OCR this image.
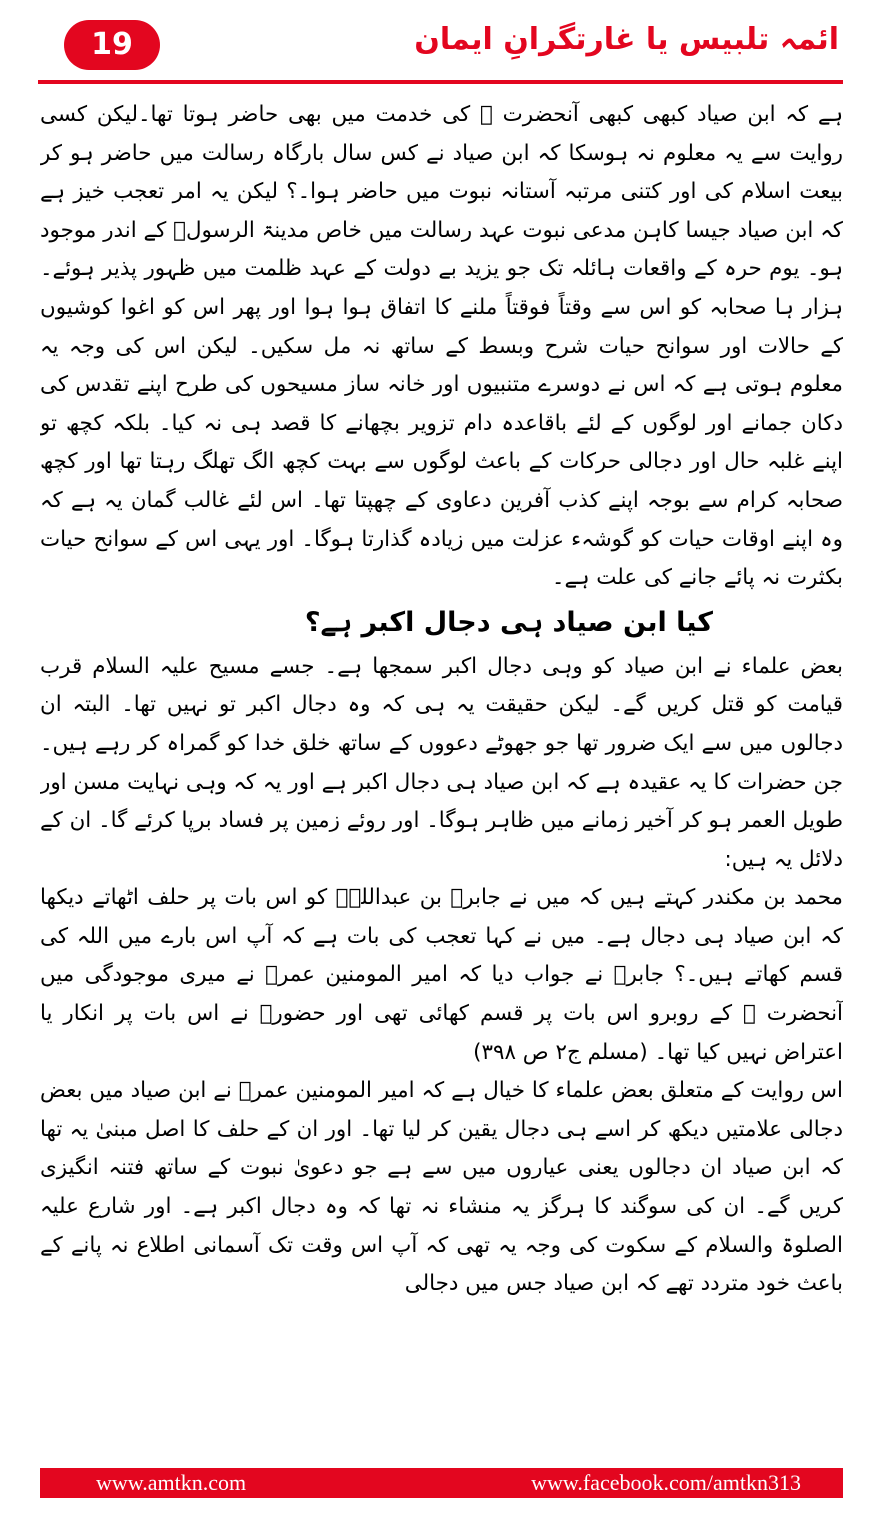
19	ائمہ تلبیس یا غارتگرانِ ایمان

ہے کہ ابن صیاد کبھی کبھی آنحضرت ﷺ کی خدمت میں بھی حاضر ہوتا تھا۔لیکن کسی روایت سے یہ معلوم نہ ہوسکا کہ ابن صیاد نے کس سال بارگاہ رسالت میں حاضر ہو کر بیعت اسلام کی اور کتنی مرتبہ آستانہ نبوت میں حاضر ہوا۔؟ لیکن یہ امر تعجب خیز ہے کہ ابن صیاد جیسا کاہن مدعی نبوت عہد رسالت میں خاص مدینۃ الرسولؐ کے اندر موجود ہو۔ یوم حرہ کے واقعات ہائلہ تک جو یزید بے دولت کے عہد ظلمت میں ظہور پذیر ہوئے۔ ہزار ہا صحابہ کو اس سے وقتاً فوقتاً ملنے کا اتفاق ہوا ہوا اور پھر اس کو اغوا کوشیوں کے حالات اور سوانح حیات شرح وبسط کے ساتھ نہ مل سکیں۔ لیکن اس کی وجہ یہ معلوم ہوتی ہے کہ اس نے دوسرے متنبیوں اور خانہ ساز مسیحوں کی طرح اپنے تقدس کی دکان جمانے اور لوگوں کے لئے باقاعدہ دام تزویر بچھانے کا قصد ہی نہ کیا۔ بلکہ کچھ تو اپنے غلبہ حال اور دجالی حرکات کے باعث لوگوں سے بہت کچھ الگ تھلگ رہتا تھا اور کچھ صحابہ کرام سے بوجہ اپنے کذب آفرین دعاوی کے چھپتا تھا۔ اس لئے غالب گمان یہ ہے کہ وہ اپنے اوقات حیات کو گوشہء عزلت میں زیادہ گذارتا ہوگا۔ اور یہی اس کے سوانح حیات بکثرت نہ پائے جانے کی علت ہے۔

کیا ابن صیاد ہی دجال اکبر ہے؟

بعض علماء نے ابن صیاد کو وہی دجال اکبر سمجھا ہے۔ جسے مسیح علیہ السلام قرب قیامت کو قتل کریں گے۔ لیکن حقیقت یہ ہی کہ وہ دجال اکبر تو نہیں تھا۔ البتہ ان دجالوں میں سے ایک ضرور تھا جو جھوٹے دعووں کے ساتھ خلق خدا کو گمراہ کر رہے ہیں۔ جن حضرات کا یہ عقیدہ ہے کہ ابن صیاد ہی دجال اکبر ہے اور یہ کہ وہی نہایت مسن اور طویل العمر ہو کر آخیر زمانے میں ظاہر ہوگا۔ اور روئے زمین پر فساد برپا کرئے گا۔ ان کے دلائل یہ ہیں:

محمد بن مکندر کہتے ہیں کہ میں نے جابرؓ بن عبداللہؓ کو اس بات پر حلف اٹھاتے دیکھا کہ ابن صیاد ہی دجال ہے۔ میں نے کہا تعجب کی بات ہے کہ آپ اس بارے میں اللہ کی قسم کھاتے ہیں۔؟ جابرؓ نے جواب دیا کہ امیر المومنین عمرؓ نے میری موجودگی میں آنحضرت ﷺ کے روبرو اس بات پر قسم کھائی تھی اور حضورؐ نے اس بات پر انکار یا اعتراض نہیں کیا تھا۔ (مسلم ج۲ ص ۳۹۸)

اس روایت کے متعلق بعض علماء کا خیال ہے کہ امیر المومنین عمرؓ نے ابن صیاد میں بعض دجالی علامتیں دیکھ کر اسے ہی دجال یقین کر لیا تھا۔ اور ان کے حلف کا اصل مبنیٰ یہ تھا کہ ابن صیاد ان دجالوں یعنی عیاروں میں سے ہے جو دعویٰ نبوت کے ساتھ فتنہ انگیزی کریں گے۔ ان کی سوگند کا ہرگز یہ منشاء نہ تھا کہ وہ دجال اکبر ہے۔ اور شارع علیہ الصلوۃ والسلام کے سکوت کی وجہ یہ تھی کہ آپ اس وقت تک آسمانی اطلاع نہ پانے کے باعث خود متردد تھے کہ ابن صیاد جس میں دجالی

www.amtkn.com	www.facebook.com/amtkn313
